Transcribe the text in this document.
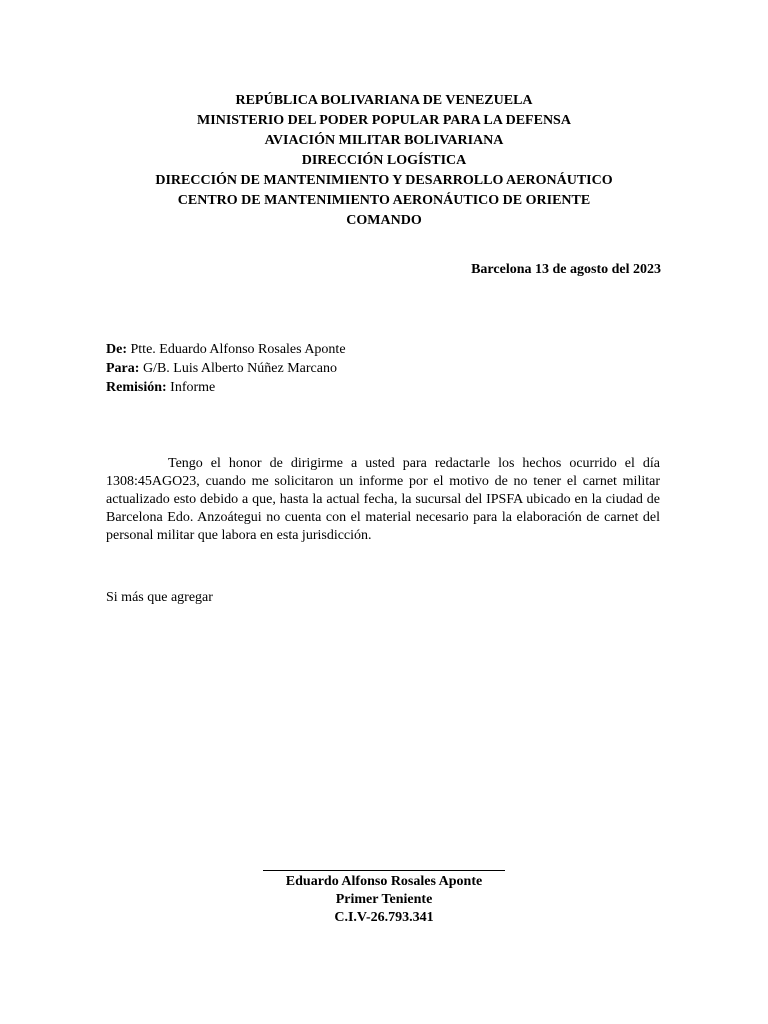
REPÚBLICA BOLIVARIANA DE VENEZUELA
MINISTERIO DEL PODER POPULAR PARA LA DEFENSA
AVIACIÓN MILITAR BOLIVARIANA
DIRECCIÓN LOGÍSTICA
DIRECCIÓN DE MANTENIMIENTO Y DESARROLLO AERONÁUTICO
CENTRO DE MANTENIMIENTO AERONÁUTICO DE ORIENTE
COMANDO
Barcelona 13 de agosto del 2023
De: Ptte. Eduardo Alfonso Rosales Aponte
Para: G/B. Luis Alberto Núñez Marcano
Remisión: Informe
Tengo el honor de dirigirme a usted para redactarle los hechos ocurrido el día 1308:45AGO23, cuando me solicitaron un informe por el motivo de no tener el carnet militar actualizado esto debido a que, hasta la actual fecha, la sucursal del IPSFA ubicado en la ciudad de Barcelona Edo. Anzoátegui no cuenta con el material necesario para la elaboración de carnet del personal militar que labora en esta jurisdicción.
Si más que agregar
Eduardo Alfonso Rosales Aponte
Primer Teniente
C.I.V-26.793.341
